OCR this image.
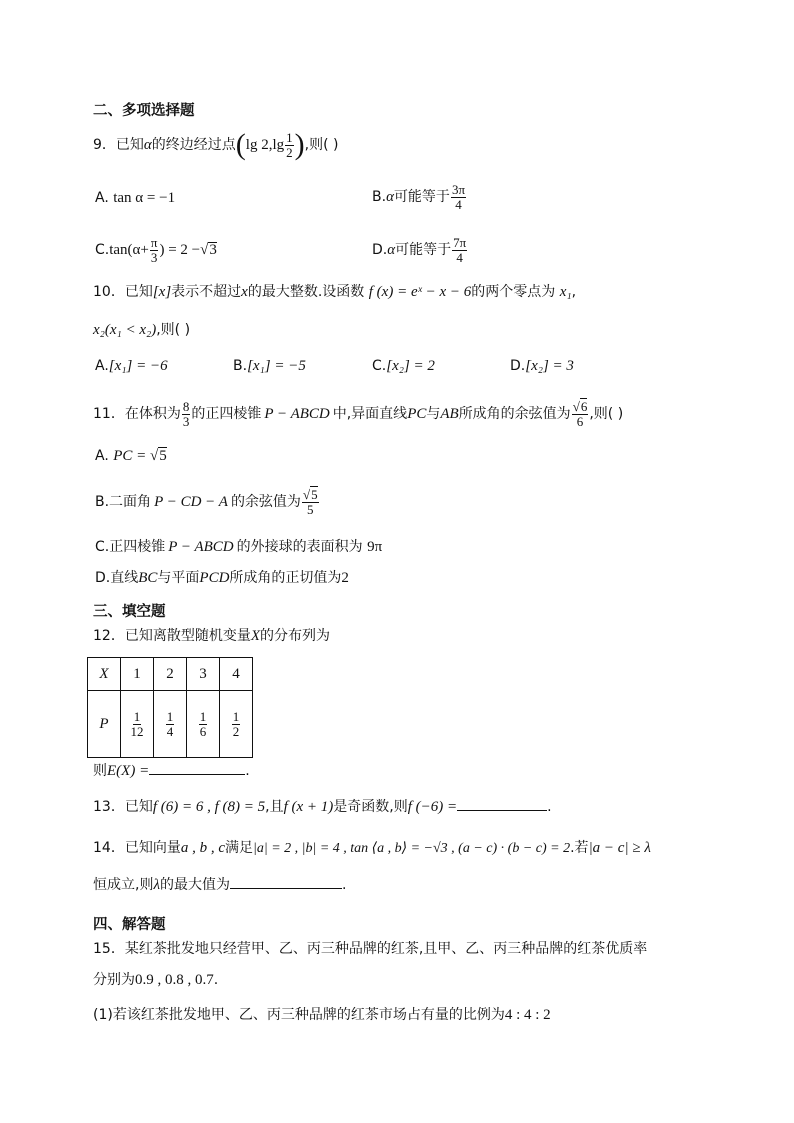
二、多项选择题
9．已知 α 的终边经过点 ( $\lg 2,\lg \frac{1}{2}$ ) ,则( )
A. tan α = −1	B. α 可能等于 $\frac{3\pi}{4}$
C. $\tan(\alpha+ \frac{\pi}{3}$ ) = 2 − √ 3	D. α 可能等于 $\frac{7\pi}{4}$
10．已知[x]表示不超过x的最大整数.设函数 f (x) = eˣ − x − 6的两个零点为 x₁,
x₂(x₁ < x₂),则( )
A.[x₁] = −6	B.[x₁] = −5	C.[x₂] = 2	D.[x₂] = 3
11．在体积为 $\frac{8}{3}$ 的正四棱锥 P − ABCD 中,异面直线 PC 与 AB 所成角的余弦值为 $\frac{√6}{6}$ ,则( )
A. PC = √5
B.二面角 P − CD − A 的余弦值为 $\frac{√5}{5}$
C.正四棱锥 P − ABCD 的外接球的表面积为 9π
D.直线BC与平面PCD所成角的正切值为2
三、填空题
12．已知离散型随机变量X的分布列为
X	1	2	3	4
P	$\frac{1}{12}$	$\frac{1}{4}$	$\frac{1}{6}$	$\frac{1}{2}$
则E(X) =	.
13．已知f (6) = 6 , f (8) = 5,且f (x + 1)是奇函数,则f (−6) =	.
14．已知向量a , b , c满足|a| = 2 , |b| = 4 , tan ⟨a , b⟩ = −√3 , (a − c) · (b − c) = 2.若|a − c| ≥ λ
恒成立,则λ的最大值为	.
四、解答题
15．某红茶批发地只经营甲、乙、丙三种品牌的红茶,且甲、乙、丙三种品牌的红茶优质率
分别为0.9 , 0.8 , 0.7.
(1)若该红茶批发地甲、乙、丙三种品牌的红茶市场占有量的比例为4 : 4 : 2
